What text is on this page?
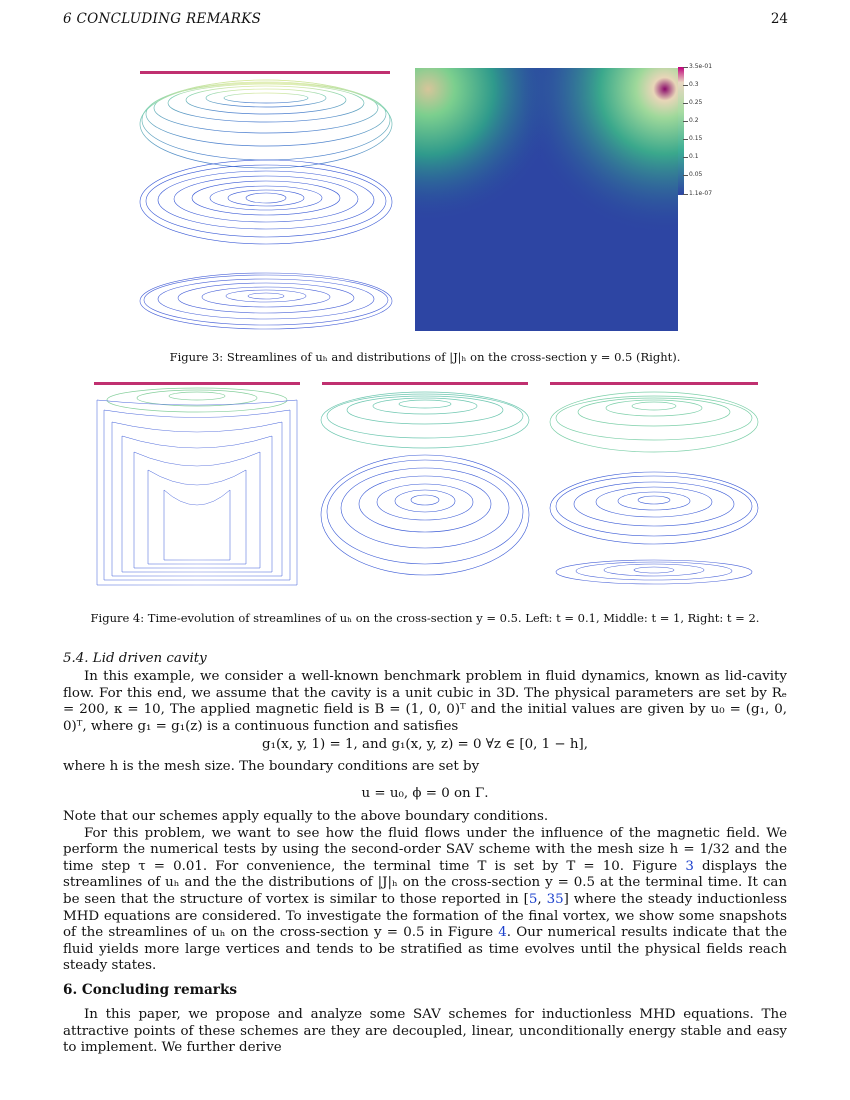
6 CONCLUDING REMARKS	24
3.5e-01
0.3
0.25
0.2
0.15
0.1
0.05
1.1e-07
Figure 3: Streamlines of uₕ and distributions of |J|ₕ on the cross-section y = 0.5 (Right).
Figure 4: Time-evolution of streamlines of uₕ on the cross-section y = 0.5. Left: t = 0.1, Middle: t = 1, Right: t = 2.
5.4. Lid driven cavity

In this example, we consider a well-known benchmark problem in fluid dynamics, known as lid-cavity flow. For this end, we assume that the cavity is a unit cubic in 3D. The physical parameters are set by Rₑ = 200, κ = 10, The applied magnetic field is B = (1, 0, 0)ᵀ and the initial values are given by u₀ = (g₁, 0, 0)ᵀ, where g₁ = g₁(z) is a continuous function and satisfies

g₁(x, y, 1) = 1, and g₁(x, y, z) = 0 ∀z ∈ [0, 1 − h],

where h is the mesh size. The boundary conditions are set by

u = u₀, ϕ = 0 on Γ.

Note that our schemes apply equally to the above boundary conditions.

For this problem, we want to see how the fluid flows under the influence of the magnetic field. We perform the numerical tests by using the second-order SAV scheme with the mesh size h = 1/32 and the time step τ = 0.01. For convenience, the terminal time T is set by T = 10. Figure 3 displays the streamlines of uₕ and the the distributions of |J|ₕ on the cross-section y = 0.5 at the terminal time. It can be seen that the structure of vortex is similar to those reported in [5, 35] where the steady inductionless MHD equations are considered. To investigate the formation of the final vortex, we show some snapshots of the streamlines of uₕ on the cross-section y = 0.5 in Figure 4. Our numerical results indicate that the fluid yields more large vertices and tends to be stratified as time evolves until the physical fields reach steady states.

6. Concluding remarks

In this paper, we propose and analyze some SAV schemes for inductionless MHD equations. The attractive points of these schemes are they are decoupled, linear, unconditionally energy stable and easy to implement. We further derive
